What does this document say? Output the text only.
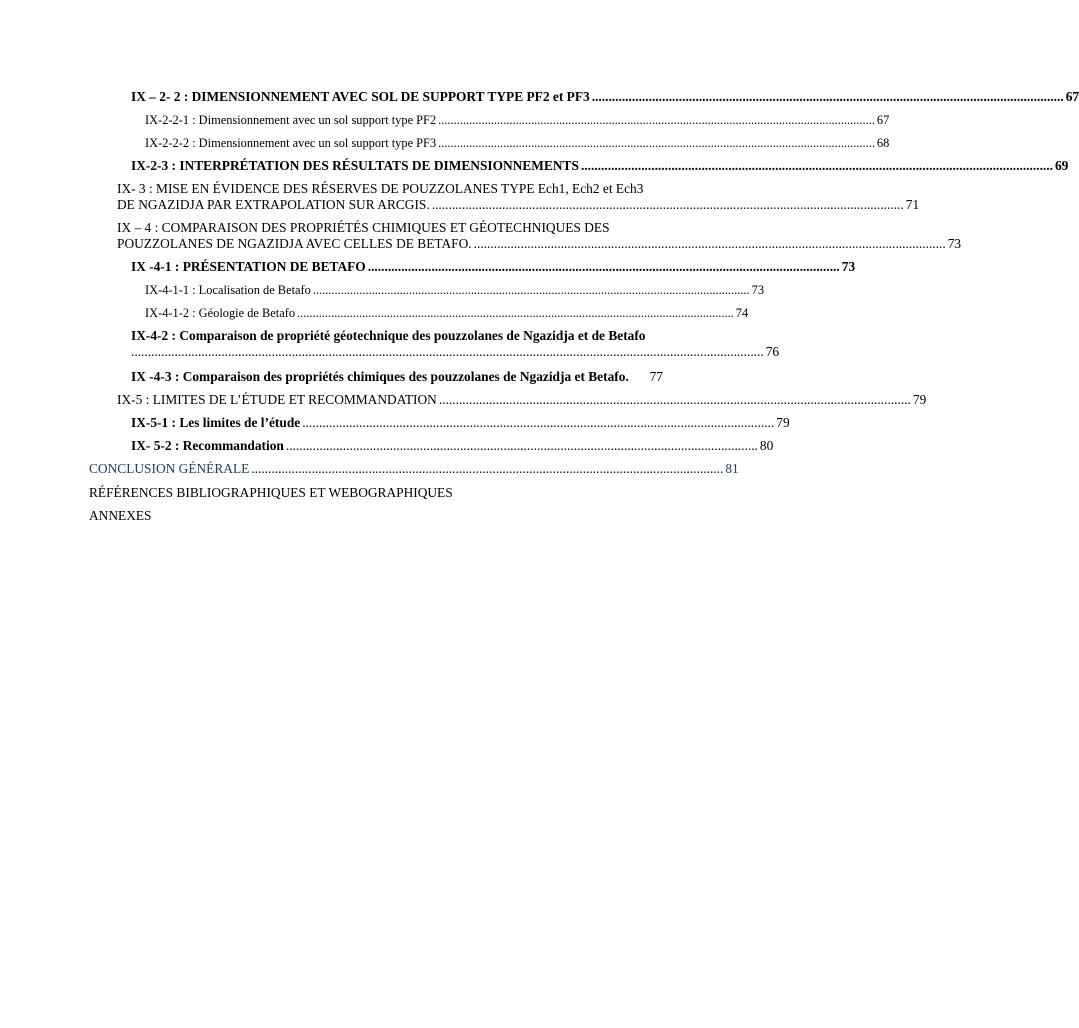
IX – 2- 2 : DIMENSIONNEMENT AVEC SOL DE SUPPORT TYPE PF2 et PF3 ............................................................................................................................................. 67
IX-2-2-1 : Dimensionnement avec un sol support type PF2 ............................................................................................................................................. 67
IX-2-2-2 : Dimensionnement avec un sol support type PF3 ............................................................................................................................................. 68
IX-2-3 : INTERPRÉTATION DES RÉSULTATS DE DIMENSIONNEMENTS ............................................................................................................................................. 69
IX- 3 : MISE EN ÉVIDENCE DES RÉSERVES DE POUZZOLANES TYPE Ech1, Ech2 et Ech3
DE NGAZIDJA PAR EXTRAPOLATION SUR ARCGIS. ............................................................................................................................................. 71
IX – 4 : COMPARAISON DES PROPRIÉTÉS CHIMIQUES ET GÉOTECHNIQUES DES
POUZZOLANES DE NGAZIDJA AVEC CELLES DE BETAFO. ............................................................................................................................................. 73
IX -4-1 : PRÉSENTATION DE BETAFO ............................................................................................................................................. 73
IX-4-1-1 : Localisation de Betafo ............................................................................................................................................. 73
IX-4-1-2 : Géologie de Betafo ............................................................................................................................................. 74
IX-4-2 : Comparaison de propriété géotechnique des pouzzolanes de Ngazidja et de Betafo
............................................................................................................................................................................................. 76
IX -4-3 : Comparaison des propriétés chimiques des pouzzolanes de Ngazidja et Betafo. 77
IX-5 : LIMITES DE L’ÉTUDE ET RECOMMANDATION ............................................................................................................................................. 79
IX-5-1 : Les limites de l’étude ............................................................................................................................................. 79
IX- 5-2 : Recommandation ............................................................................................................................................. 80
CONCLUSION GÉNÉRALE ............................................................................................................................................. 81
RÉFÉRENCES BIBLIOGRAPHIQUES ET WEBOGRAPHIQUES
ANNEXES
